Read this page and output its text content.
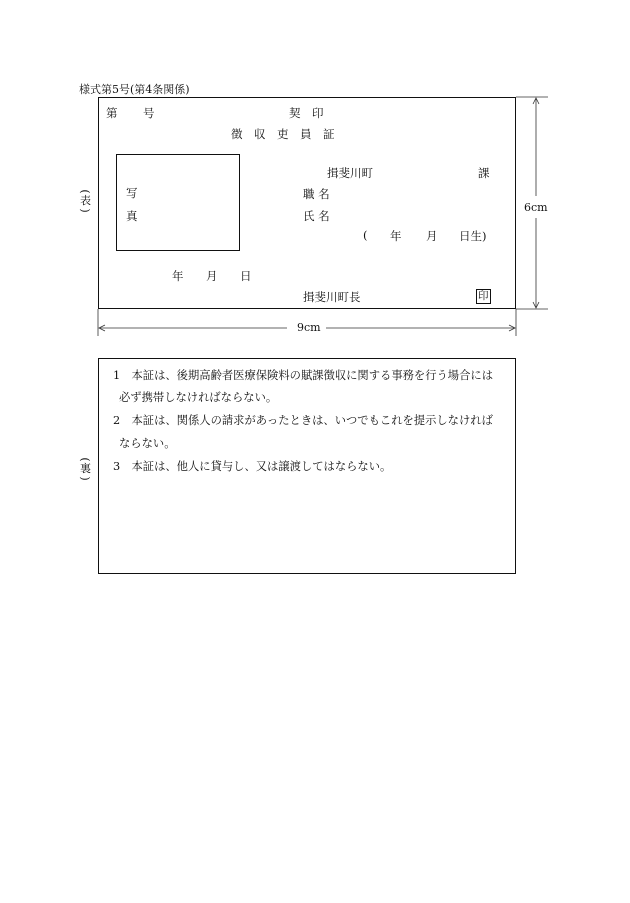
様式第5号(第4条関係)
第 号	契　印
徴　収　吏　員　証
写
真
揖斐川町	課
職 名
氏 名
( 年 月 日生)
年 月 日
揖斐川町長	印
(
表
)	6cm
9cm
1　本証は、後期高齢者医療保険料の賦課徴収に関する事務を行う場合には
必ず携帯しなければならない。
2　本証は、関係人の請求があったときは、いつでもこれを提示しなければ
ならない。
3　本証は、他人に貸与し、又は譲渡してはならない。
(
裏
)
